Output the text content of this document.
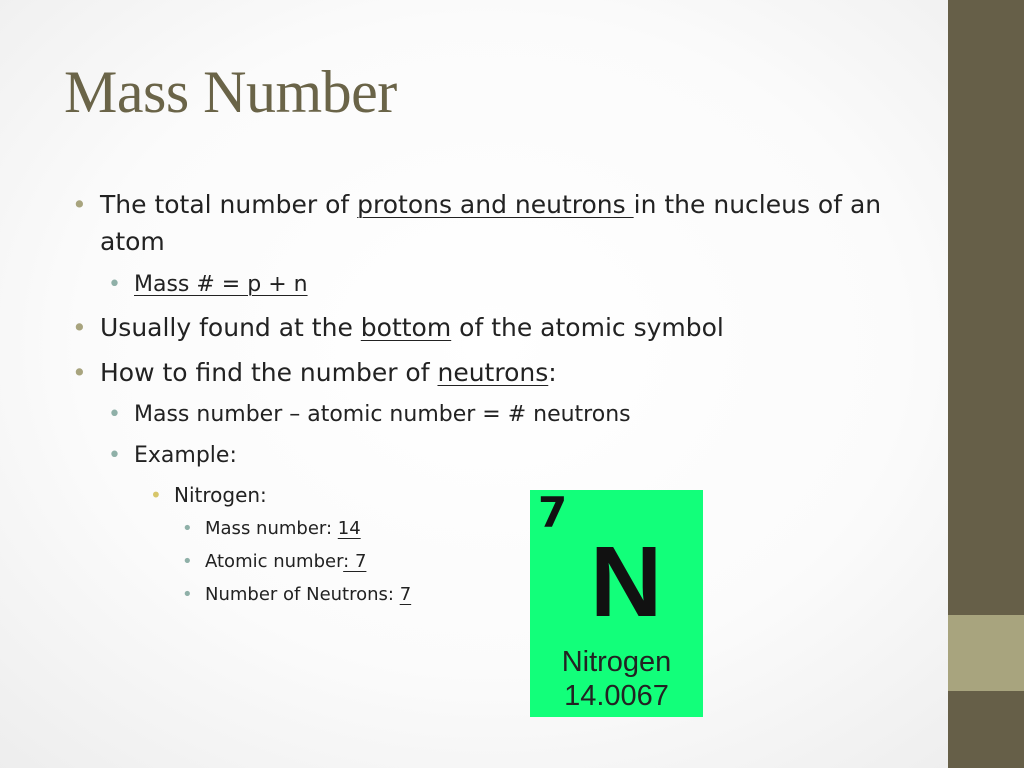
Mass Number
• The total number of protons and neutrons in the nucleus of an
atom
• Mass # = p + n
• Usually found at the bottom of the atomic symbol
• How to find the number of neutrons:
• Mass number – atomic number = # neutrons
• Example:
• Nitrogen:
• Mass number: 14
• Atomic number: 7
• Number of Neutrons: 7
7
N
Nitrogen
14.0067
